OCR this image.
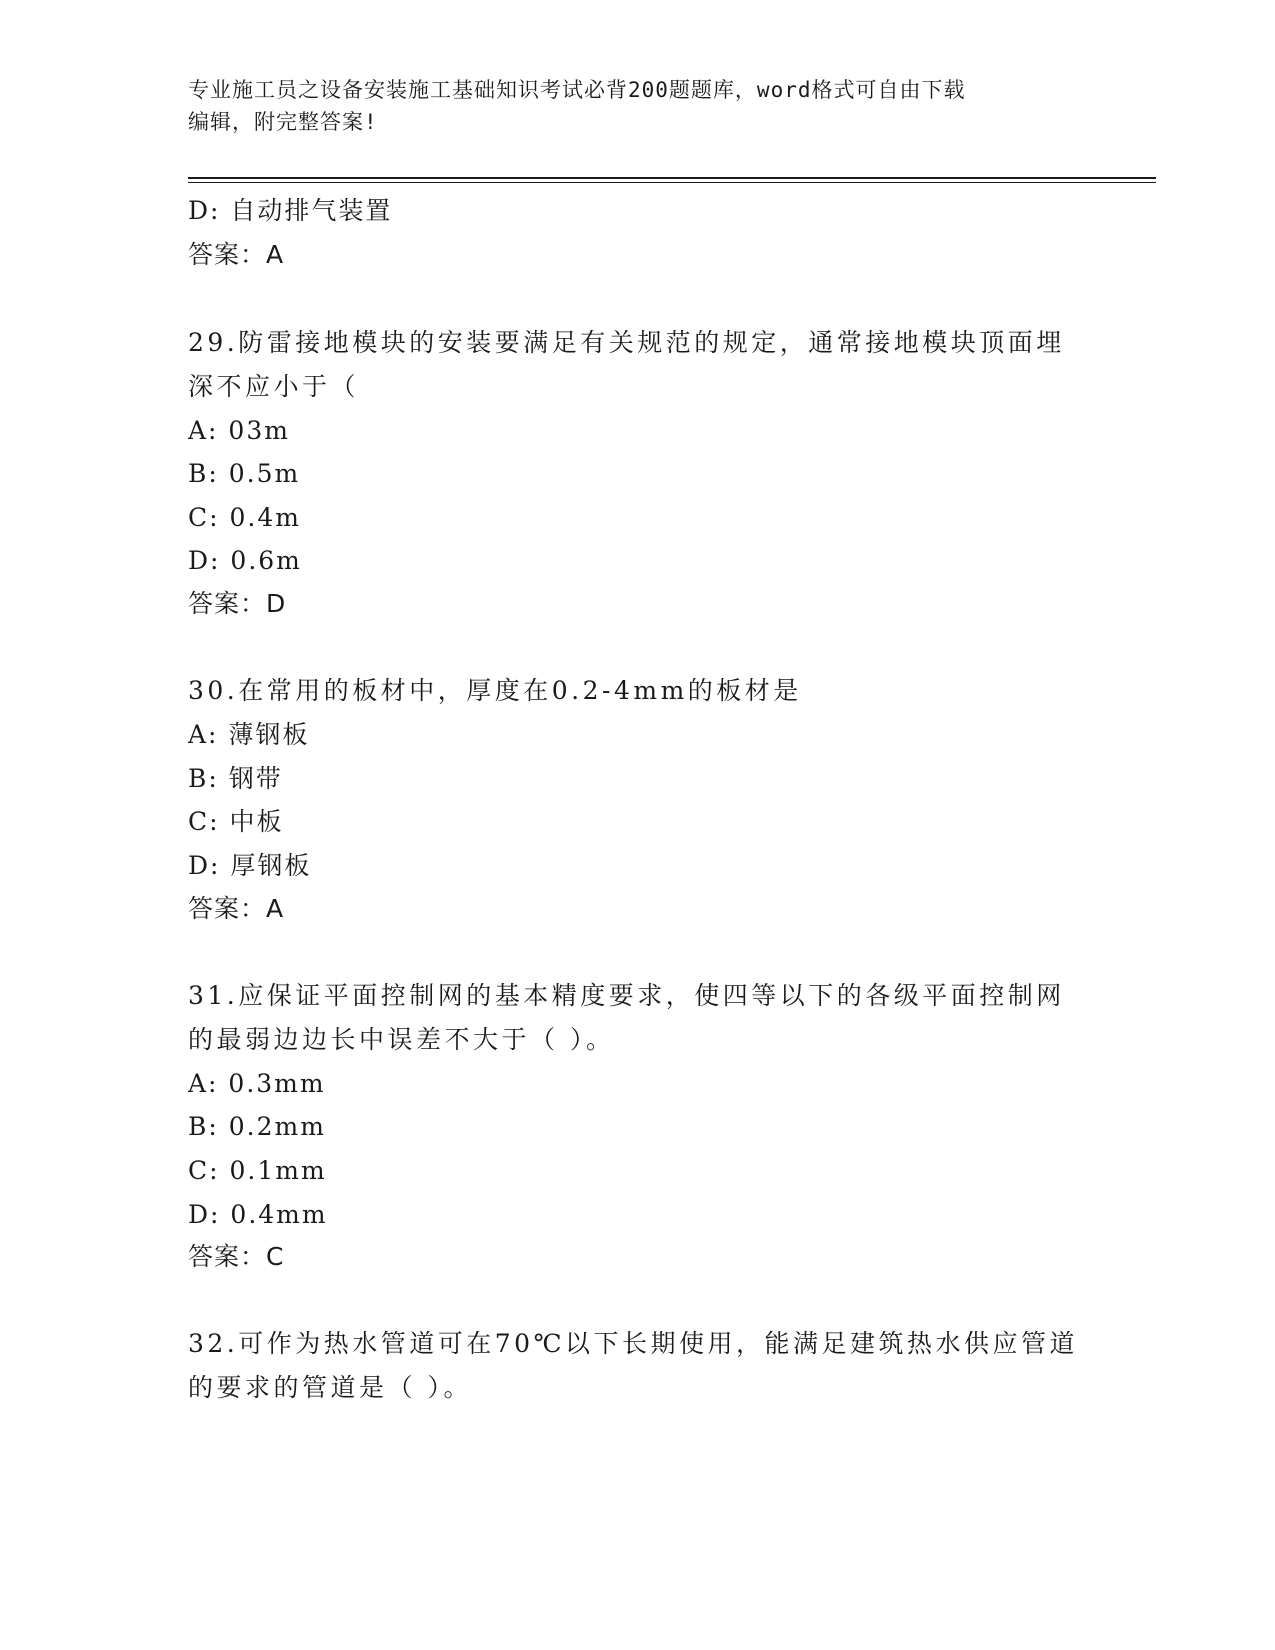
专业施工员之设备安装施工基础知识考试必背200题题库，word格式可自由下载
编辑，附完整答案!
D: 自动排气装置
答案：A
29.防雷接地模块的安装要满足有关规范的规定，通常接地模块顶面埋
深不应小于（
A: 03m
B: 0.5m
C: 0.4m
D: 0.6m
答案：D
30.在常用的板材中，厚度在0.2-4mm的板材是
A: 薄钢板
B: 钢带
C: 中板
D: 厚钢板
答案：A
31.应保证平面控制网的基本精度要求，使四等以下的各级平面控制网
的最弱边边长中误差不大于（ ）。
A: 0.3mm
B: 0.2mm
C: 0.1mm
D: 0.4mm
答案：C
32.可作为热水管道可在70℃以下长期使用，能满足建筑热水供应管道
的要求的管道是（ ）。
